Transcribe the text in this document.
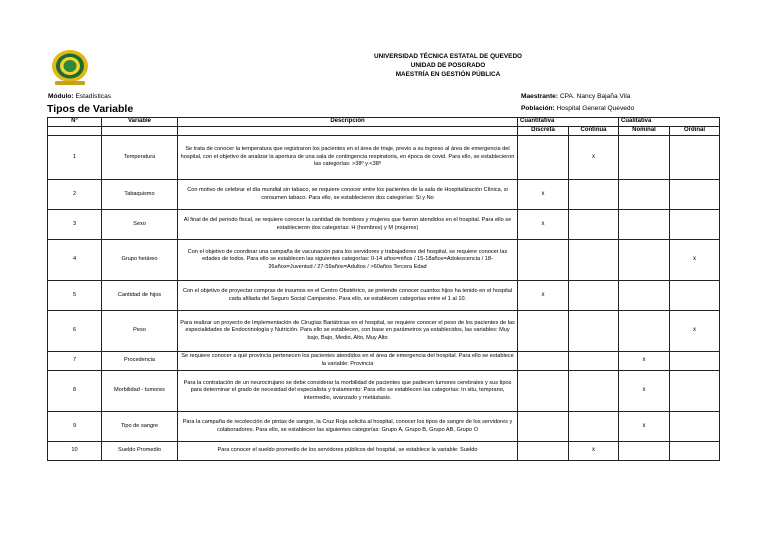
UNIVERSIDAD TÉCNICA ESTATAL DE QUEVEDO
UNIDAD DE POSGRADO
MAESTRÍA EN GESTIÓN PÚBLICA
Módulo: Estadísticas
Tipos de Variable
Maestrante: CPA. Nancy Bajaña Vila
Población: Hospital General Quevedo
N°	Variable	Descripción	Cuantitativa		Cualitativa	
			Discreta	Continua	Nominal	Ordinal
1	Temperatura	Se trata de conocer la temperatura que registraron los pacientes en el área de triaje, previo a su ingreso al área de emergencia del hospital, con el objetivo de analizar la apertura de una sala de contingencia respiratoria, en época de covid. Para ello, se establecieron las categorías: >38º y <38º		x		
2	Tabaquismo	Con motivo de celebrar el día mundial sin tabaco, se requiere conocer entre los pacientes de la sala de Hospitalización Clínica, si consumen tabaco. Para ello, se establecieron dos categorías: Si y No	x			
3	Sexo	Al final de del periodo fiscal, se requiere conocer la cantidad de hombres y mujeres que fueron atendidos en el hospital. Para ello se establecieron dos categorías: H (hombres) y M (mujeres)	x			
4	Grupo hetáreo	Con el objetivo de coordinar una campaña de vacunación para los servidores y trabajadores del hospital, se requiere conocer las edades de todos. Para ello se establecen las siguientes categorías: 0-14 años=niños / 15-18años=Adolescencia / 18-26años=Juventud / 27-59años=Adultos / >60años Tercera Edad				x
5	Cantidad de hijos	Con el objetivo de proyectar compras de insumos en el Centro Obstétrico, se pretende conocer cuantos hijos ha tenido en el hospital cada afiliada del Seguro Social Campesino. Para ello, se establecen categorías entre el 1 al 10.	x			
6	Peso	Para realizar un proyecto de Implementación de Cirugías Bariátricas en el hospital, se requiere conocer el peso de los pacientes de las especialidades de Endocrinología y Nutrición. Para ello se establecen, con base en parámetros ya establecidos, las variables: Muy bajo, Bajo, Medio, Alto, Muy Alto				x
7	Procedencia	Se requiere conocer a qué provincia pertenecen los pacientes atendidos en el área de emergencia del hospital. Para ello se establece la variable: Provincia			x	
8	Morbilidad - tumores	Para la contratación de un neurocirujano se debe considerar la morbilidad de pacientes que padecen tumores cerebrales y sus tipos para determinar el grado de necesidad del especialista y tratamiento: Para ello se establecen las categorías: In situ, temprano, intermedio, avanzado y metástasis.			x	
9	Tipo de sangre	Para la campaña de recolección de pintas de sangre, la Cruz Roja solicita al hospital, conocer los tipos de sangre de los servidores y colaboradores. Para ello, se establecen las siguientes categorías: Grupo A, Grupo B, Grupo AB, Grupo O			x	
10	Sueldo Promedio	Para conocer el sueldo promedio de los servidores públicos del hospital, se establece la variable: Sueldo		x		
